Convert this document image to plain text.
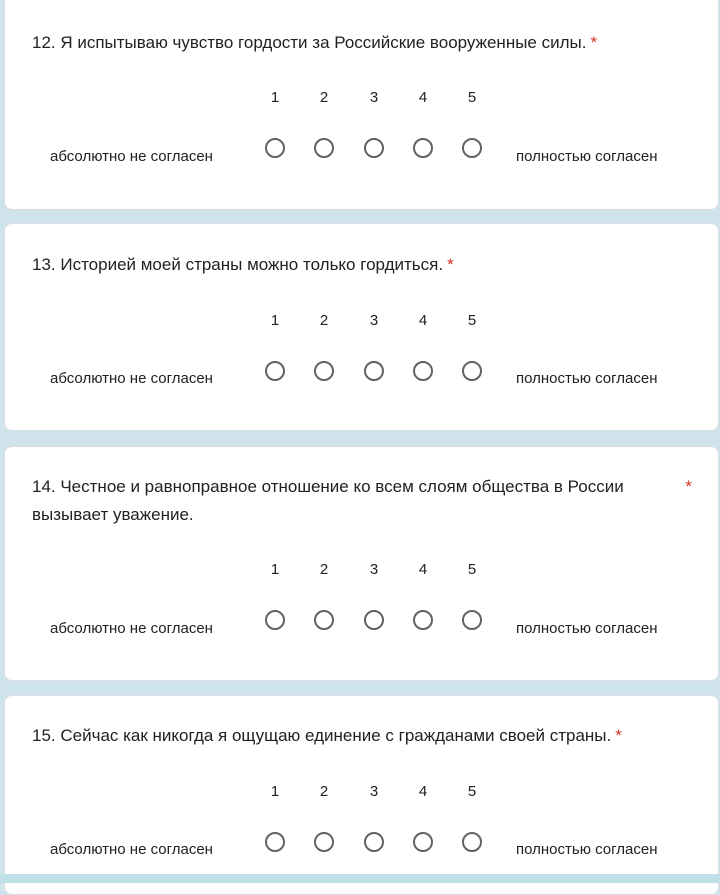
12. Я испытываю чувство гордости за Российские вооруженные силы. *
1	2	3	4	5
абсолютно не согласен	полностью согласен
13. Историей моей страны можно только гордиться. *
1	2	3	4	5
абсолютно не согласен	полностью согласен
14. Честное и равноправное отношение ко всем слоям общества в России вызывает уважение.
*
1	2	3	4	5
абсолютно не согласен	полностью согласен
15. Сейчас как никогда я ощущаю единение с гражданами своей страны. *
1	2	3	4	5
абсолютно не согласен	полностью согласен
